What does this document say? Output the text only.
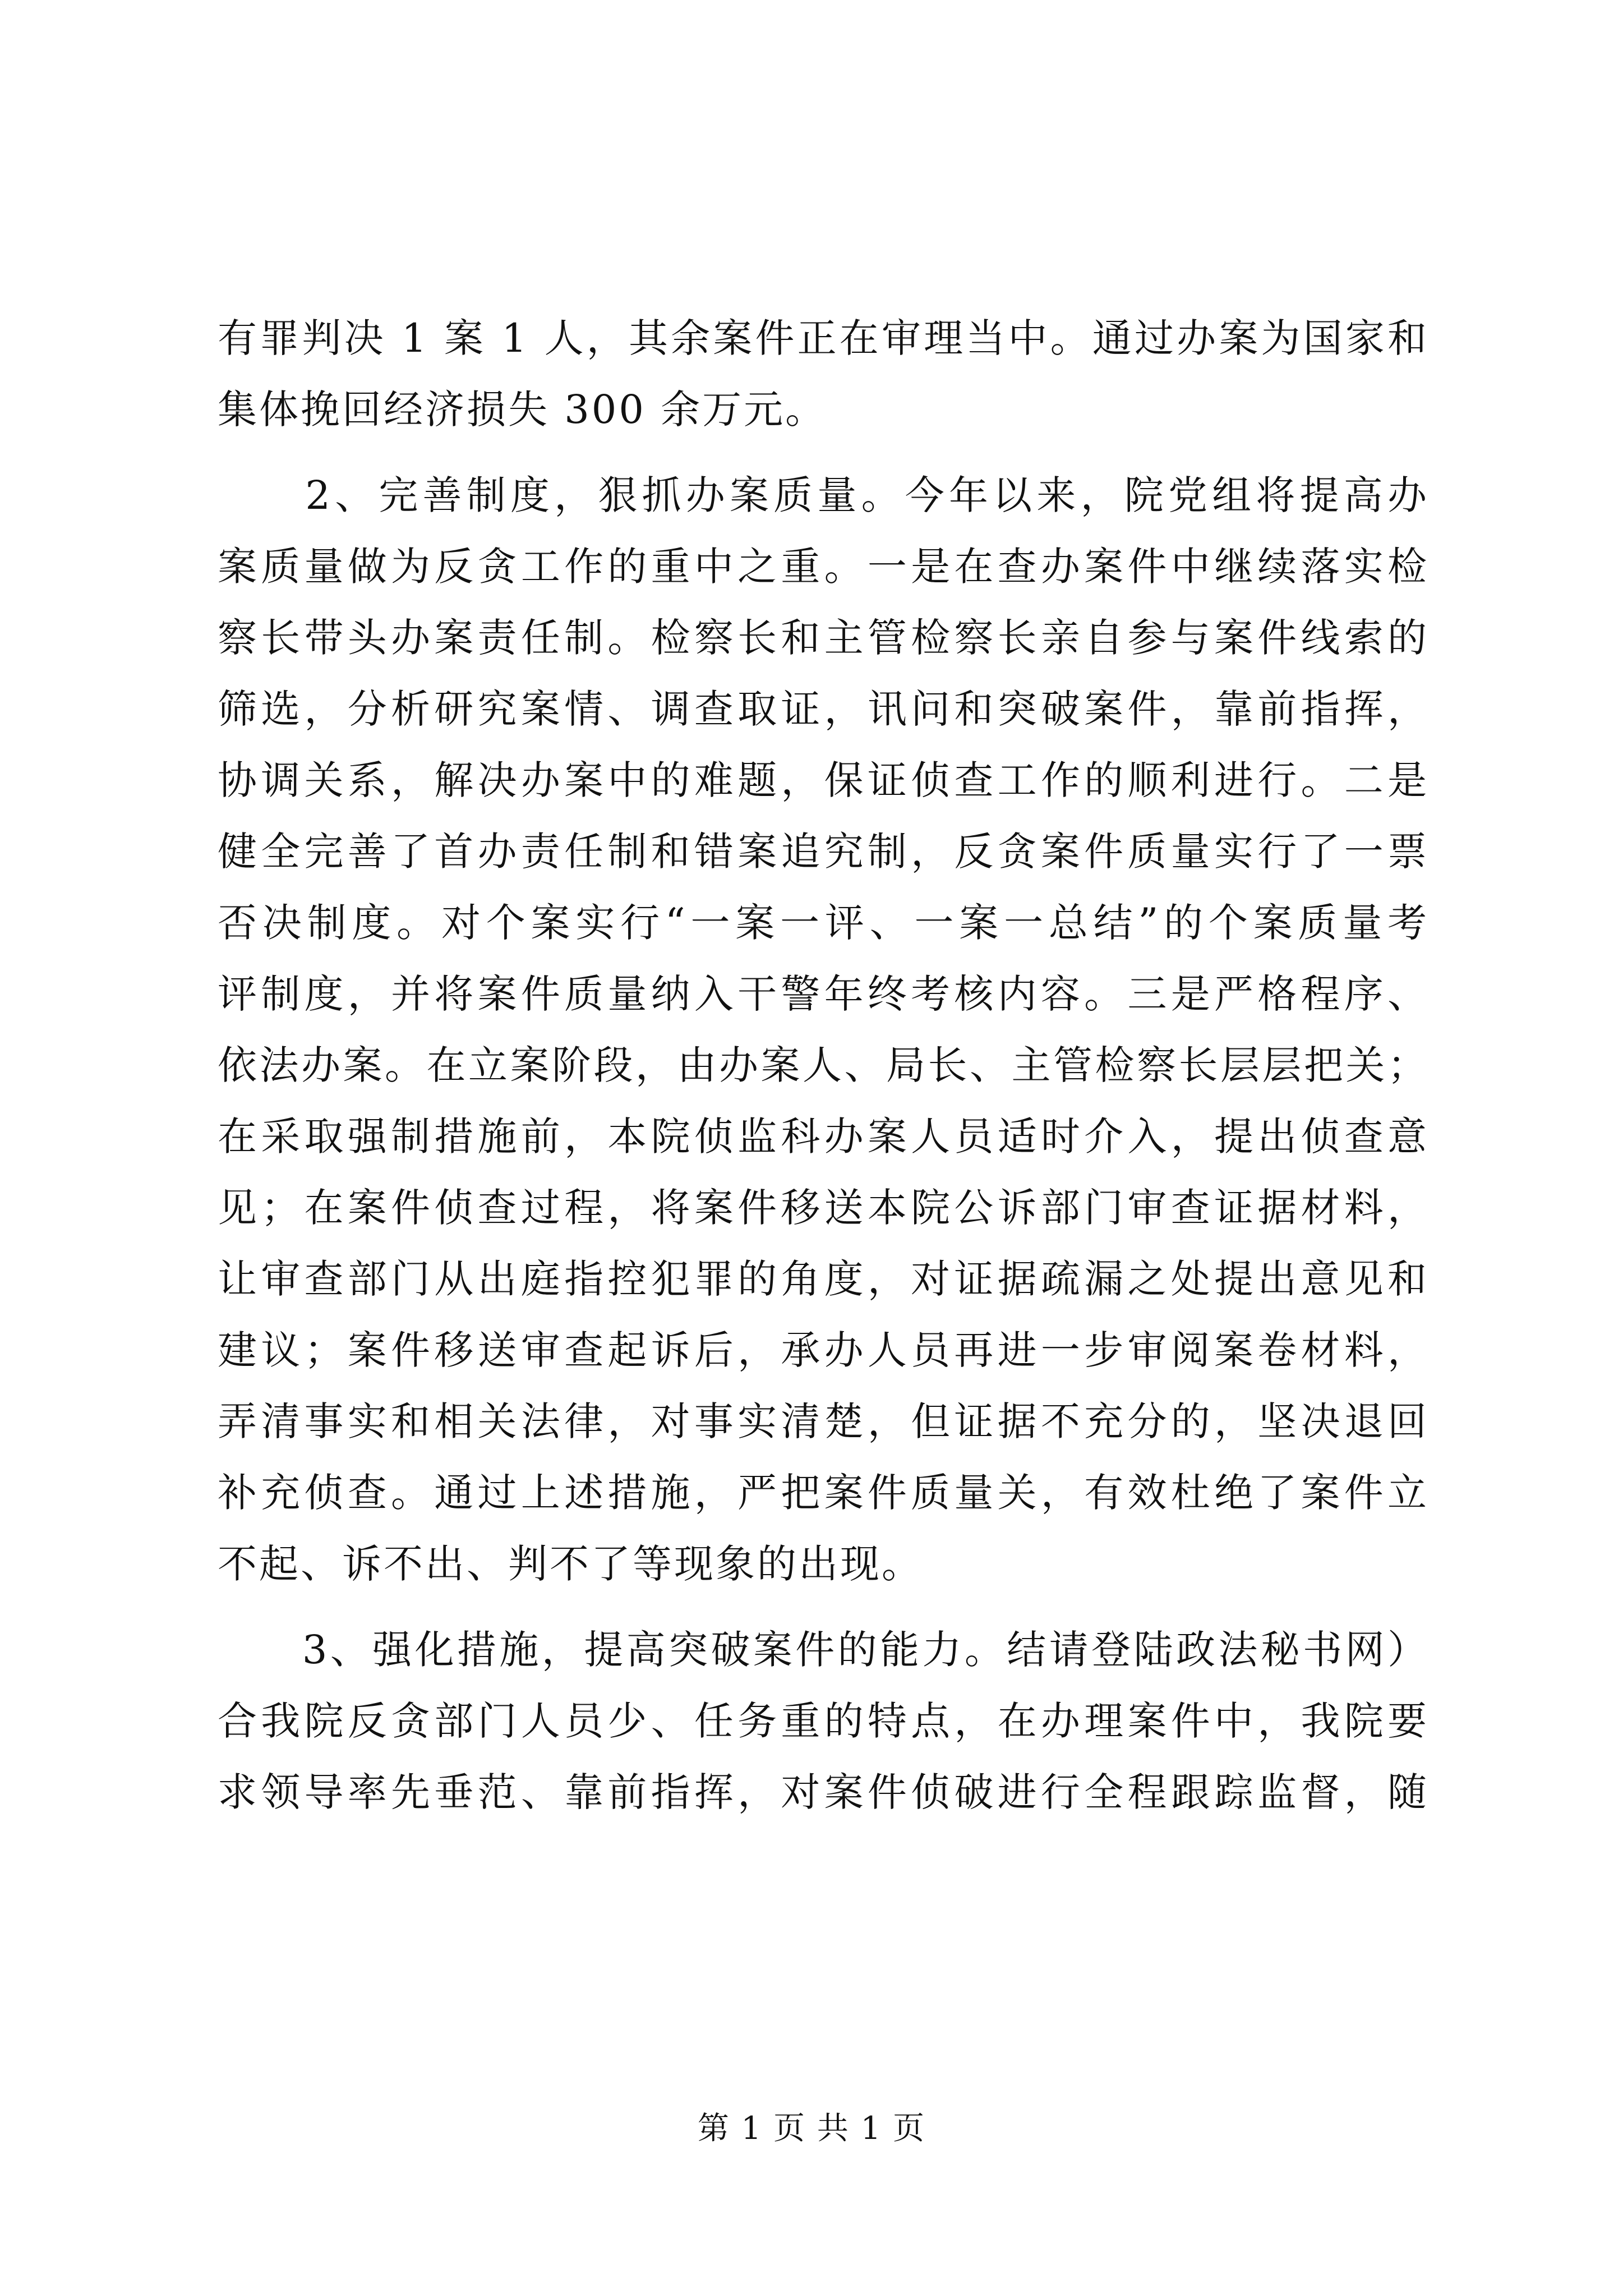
有罪判决 1 案 1 人，其余案件正在审理当中。通过办案为国家和
集体挽回经济损失 300 余万元。
　　2、完善制度，狠抓办案质量。今年以来，院党组将提高办
案质量做为反贪工作的重中之重。一是在查办案件中继续落实检
察长带头办案责任制。检察长和主管检察长亲自参与案件线索的
筛选，分析研究案情、调查取证，讯问和突破案件，靠前指挥，
协调关系，解决办案中的难题，保证侦查工作的顺利进行。二是
健全完善了首办责任制和错案追究制，反贪案件质量实行了一票
否决制度。对个案实行“一案一评、一案一总结”的个案质量考
评制度，并将案件质量纳入干警年终考核内容。三是严格程序、
依法办案。在立案阶段，由办案人、局长、主管检察长层层把关；
在采取强制措施前，本院侦监科办案人员适时介入，提出侦查意
见；在案件侦查过程，将案件移送本院公诉部门审查证据材料，
让审查部门从出庭指控犯罪的角度，对证据疏漏之处提出意见和
建议；案件移送审查起诉后，承办人员再进一步审阅案卷材料，
弄清事实和相关法律，对事实清楚，但证据不充分的，坚决退回
补充侦查。通过上述措施，严把案件质量关，有效杜绝了案件立
不起、诉不出、判不了等现象的出现。
　　3、强化措施，提高突破案件的能力。结请登陆政法秘书网）
合我院反贪部门人员少、任务重的特点，在办理案件中，我院要
求领导率先垂范、靠前指挥，对案件侦破进行全程跟踪监督，随
第 1 页 共 1 页
